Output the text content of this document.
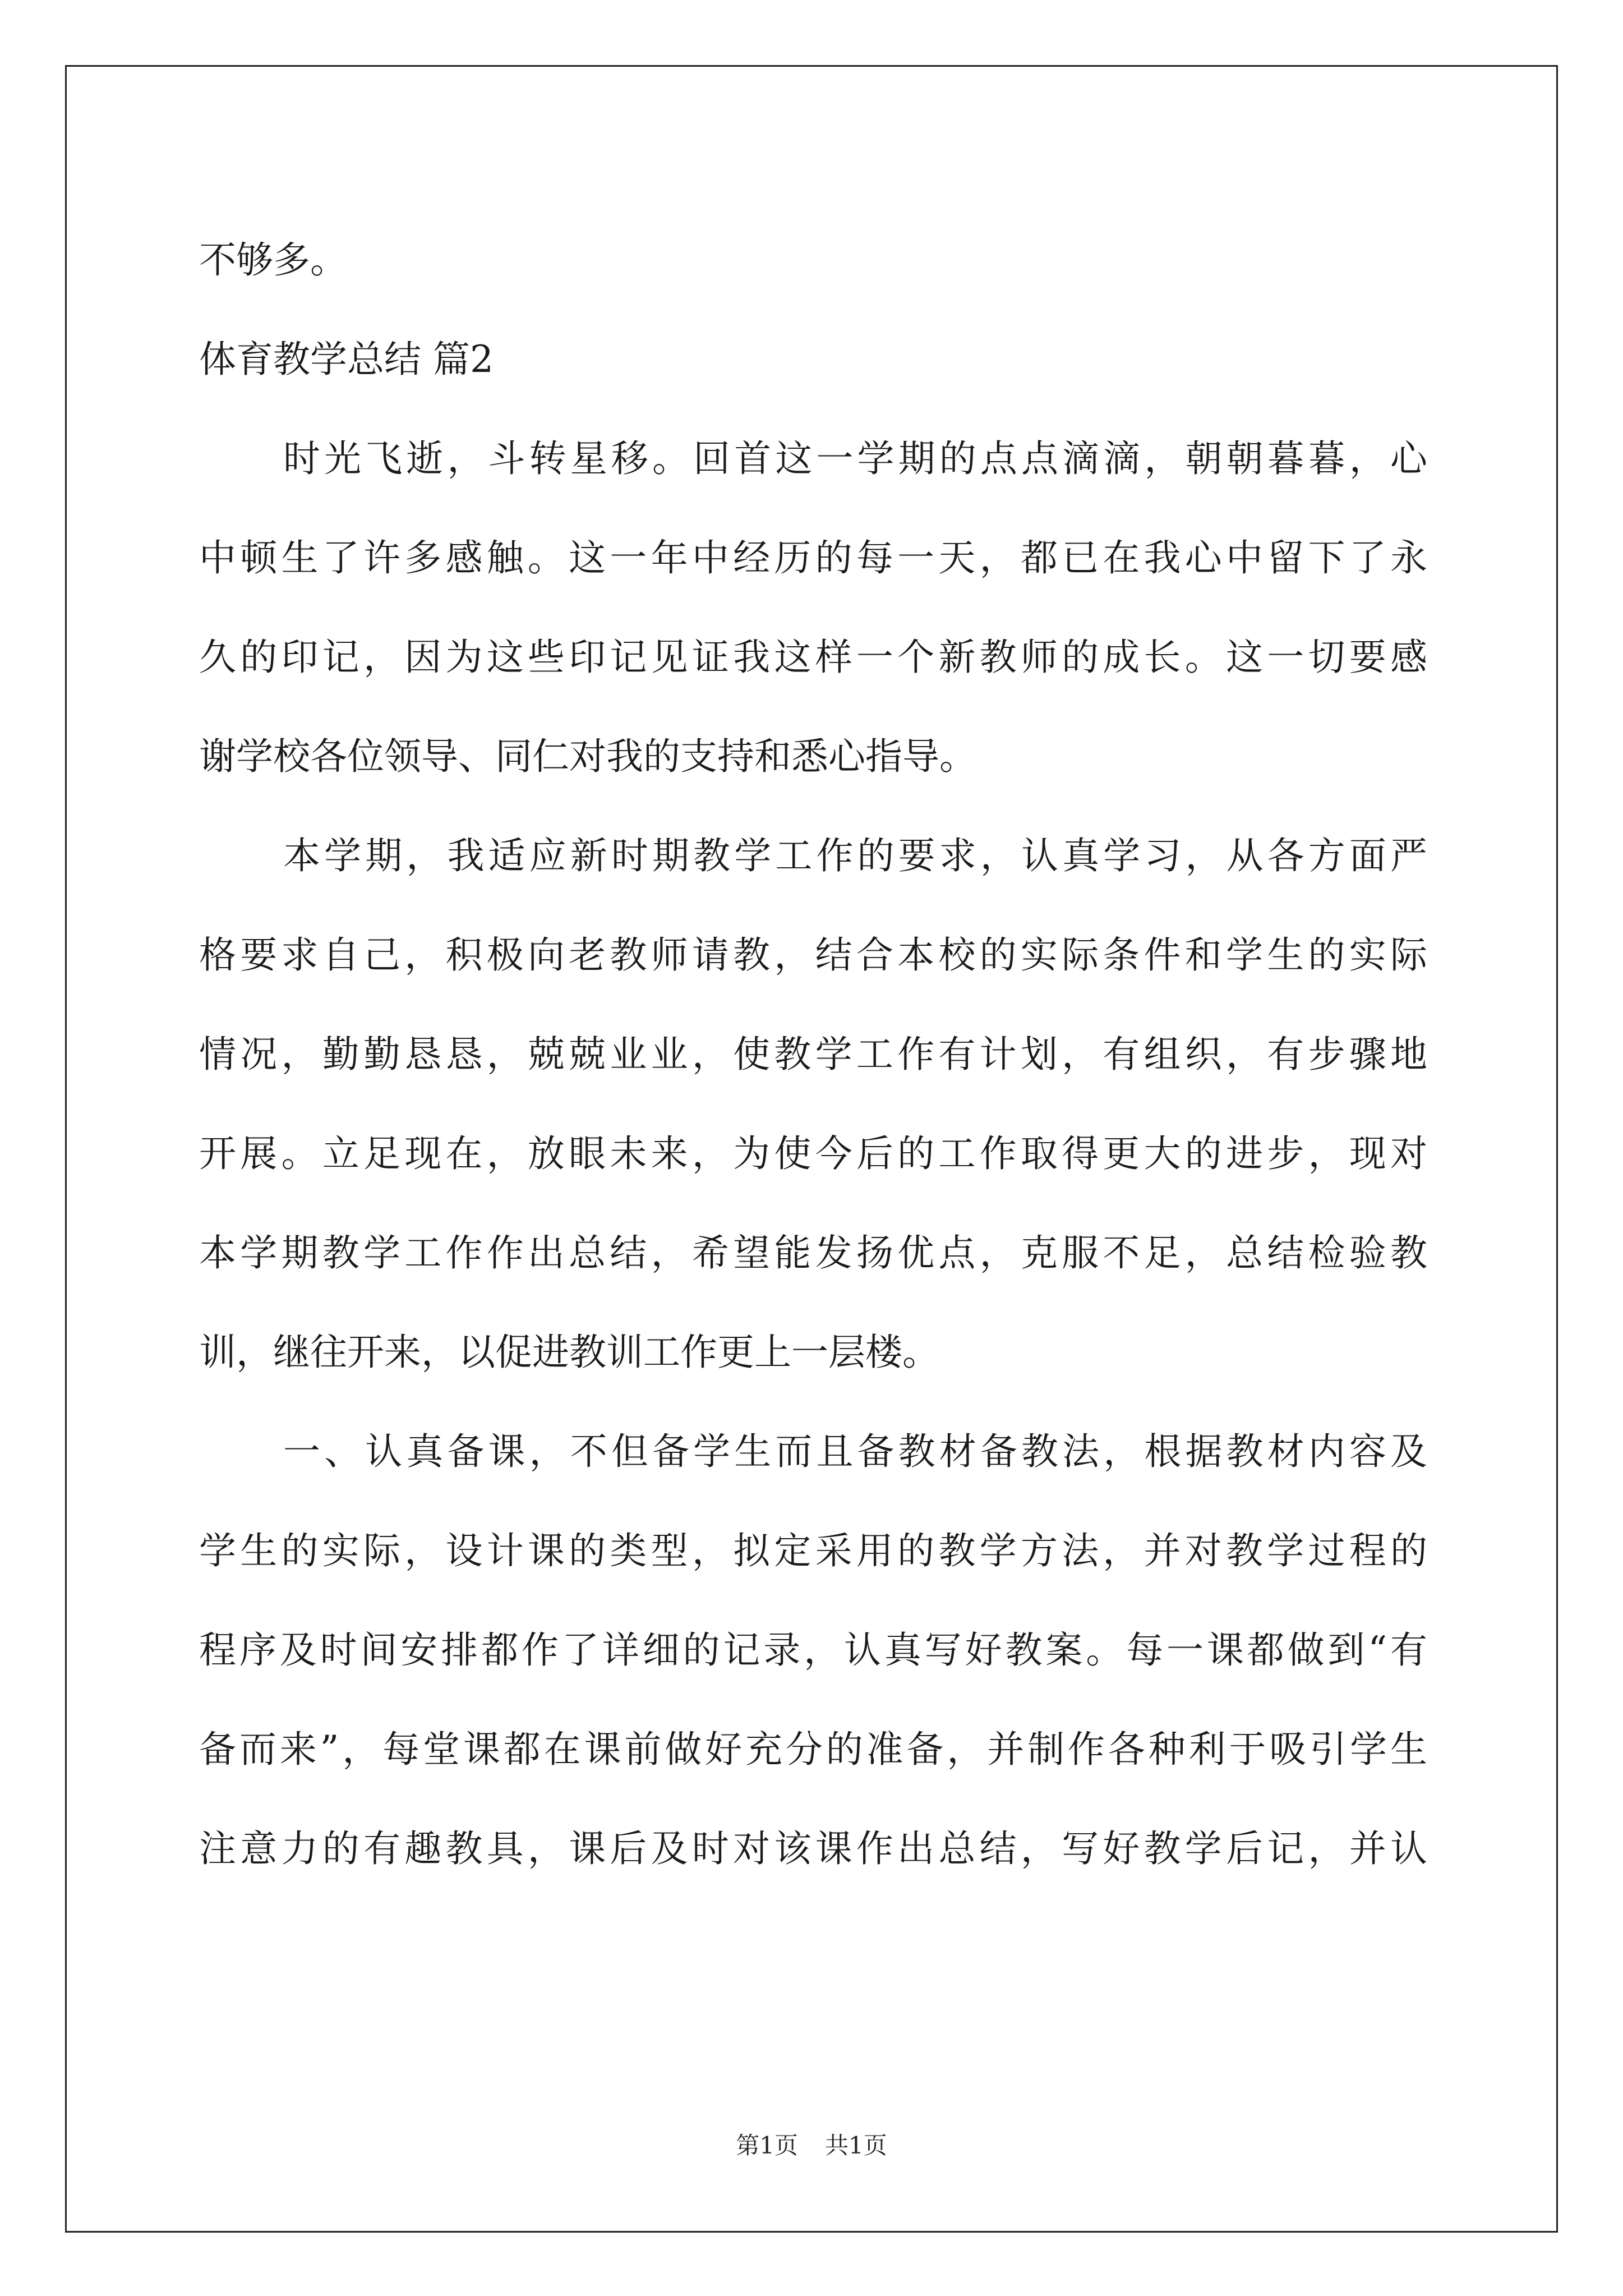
不够多。
体育教学总结 篇2
时光飞逝，斗转星移。回首这一学期的点点滴滴，朝朝暮暮，心
中顿生了许多感触。这一年中经历的每一天，都已在我心中留下了永
久的印记，因为这些印记见证我这样一个新教师的成长。这一切要感
谢学校各位领导、同仁对我的支持和悉心指导。
本学期，我适应新时期教学工作的要求，认真学习，从各方面严
格要求自己，积极向老教师请教，结合本校的实际条件和学生的实际
情况，勤勤恳恳，兢兢业业，使教学工作有计划，有组织，有步骤地
开展。立足现在，放眼未来，为使今后的工作取得更大的进步，现对
本学期教学工作作出总结，希望能发扬优点，克服不足，总结检验教
训，继往开来，以促进教训工作更上一层楼。
一、认真备课，不但备学生而且备教材备教法，根据教材内容及
学生的实际，设计课的类型，拟定采用的教学方法，并对教学过程的
程序及时间安排都作了详细的记录，认真写好教案。每一课都做到“有
备而来”，每堂课都在课前做好充分的准备，并制作各种利于吸引学生
注意力的有趣教具，课后及时对该课作出总结，写好教学后记，并认
第1页 共1页
